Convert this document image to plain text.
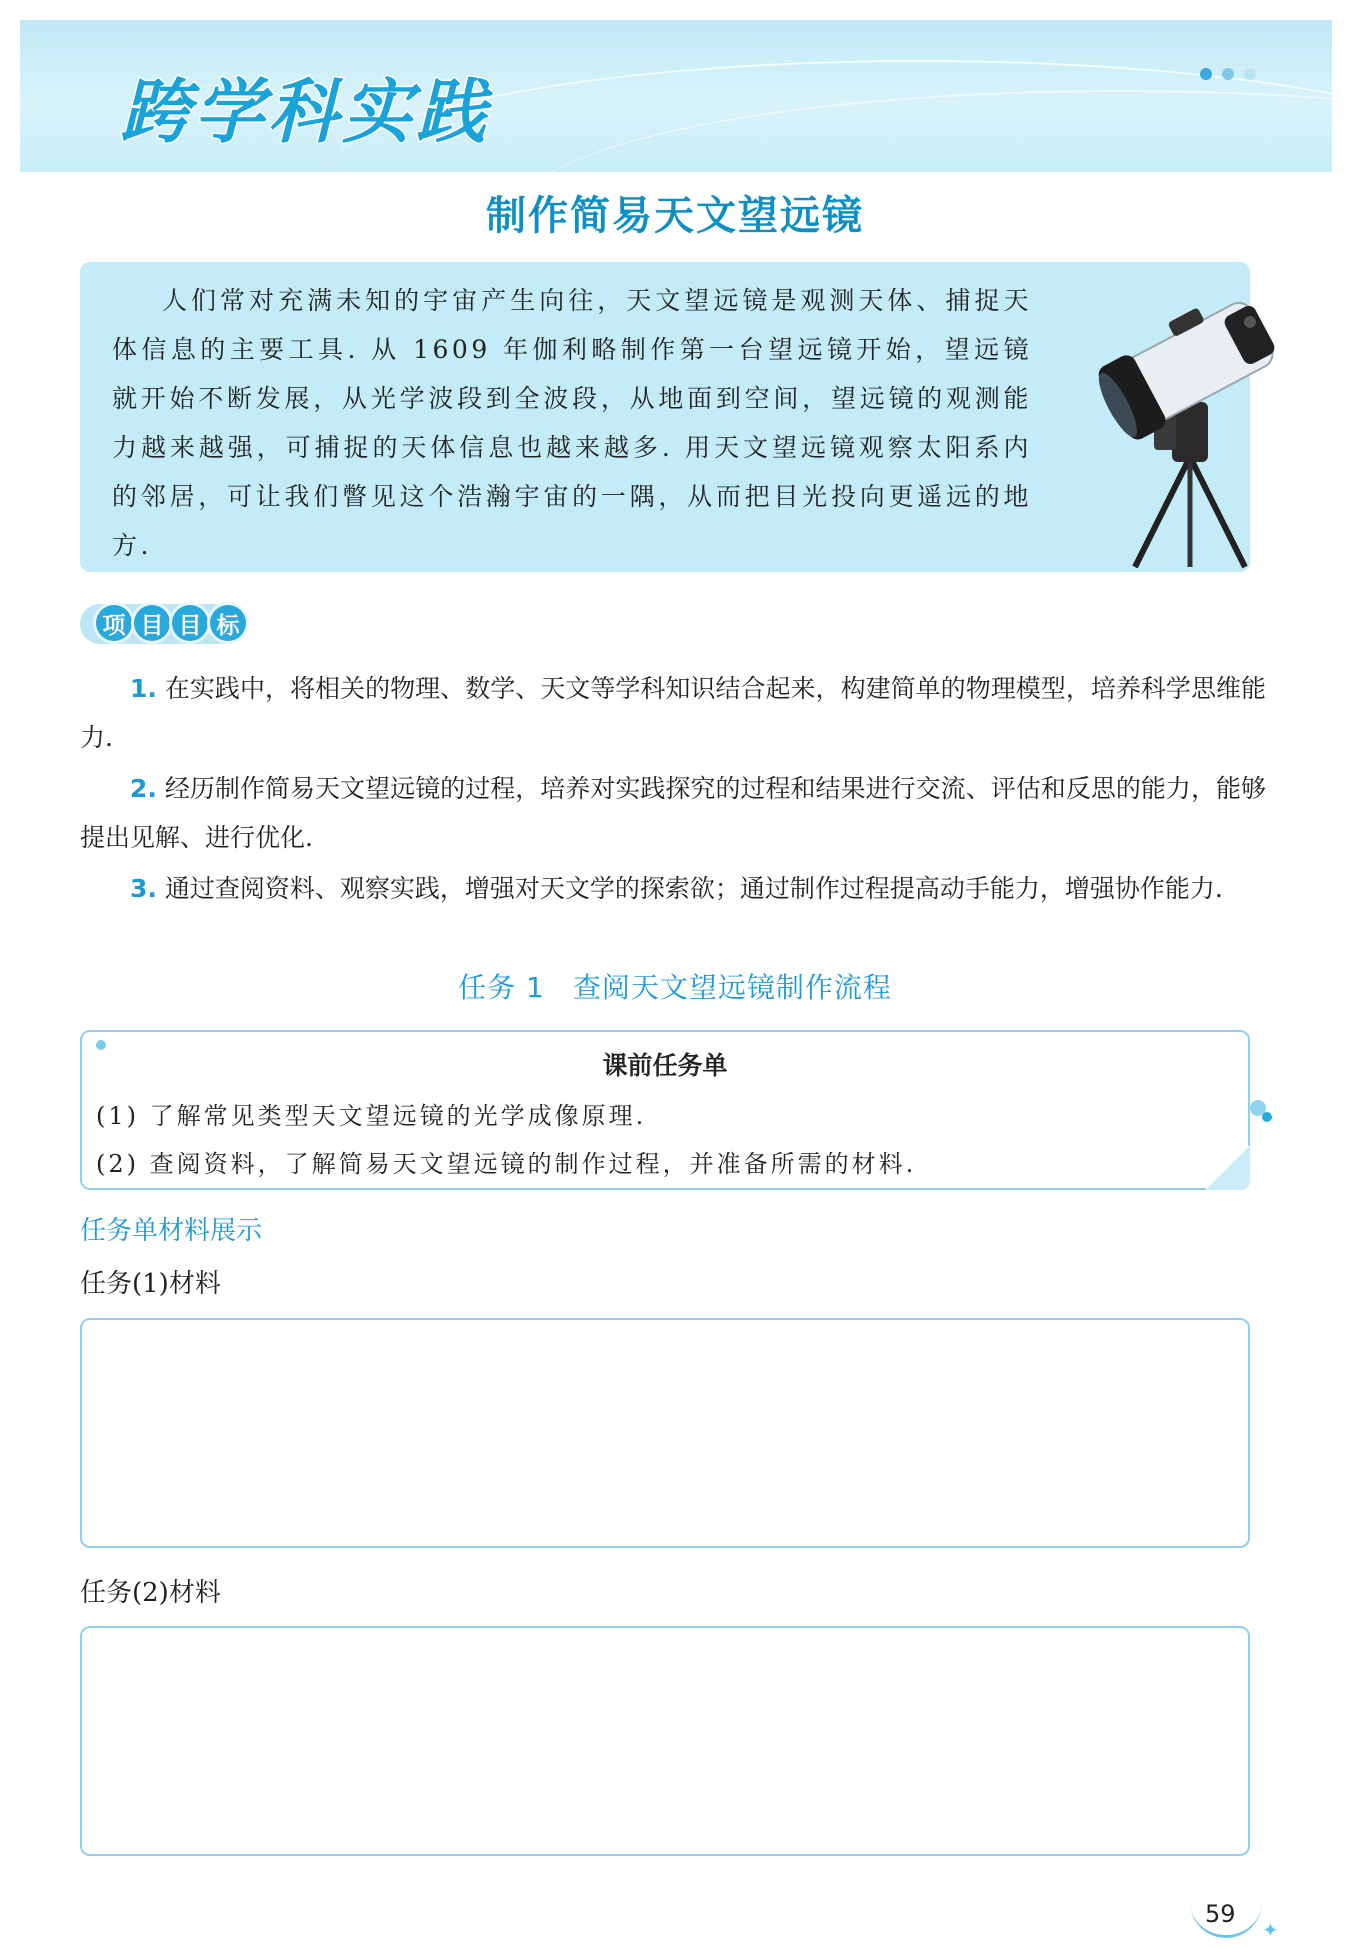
跨学科实践
制作简易天文望远镜

人们常对充满未知的宇宙产生向往，天文望远镜是观测天体、捕捉天体信息的主要工具. 从 1609 年伽利略制作第一台望远镜开始，望远镜就开始不断发展，从光学波段到全波段，从地面到空间，望远镜的观测能力越来越强，可捕捉的天体信息也越来越多. 用天文望远镜观察太阳系内的邻居，可让我们瞥见这个浩瀚宇宙的一隅，从而把目光投向更遥远的地方.

项 目 目 标

1. 在实践中，将相关的物理、数学、天文等学科知识结合起来，构建简单的物理模型，培养科学思维能力.

2. 经历制作简易天文望远镜的过程，培养对实践探究的过程和结果进行交流、评估和反思的能力，能够提出见解、进行优化.

3. 通过查阅资料、观察实践，增强对天文学的探索欲；通过制作过程提高动手能力，增强协作能力.

任务 1 查阅天文望远镜制作流程
课前任务单
(1) 了解常见类型天文望远镜的光学成像原理.
(2) 查阅资料，了解简易天文望远镜的制作过程，并准备所需的材料.
任务单材料展示
任务(1)材料
任务(2)材料
59
✦
